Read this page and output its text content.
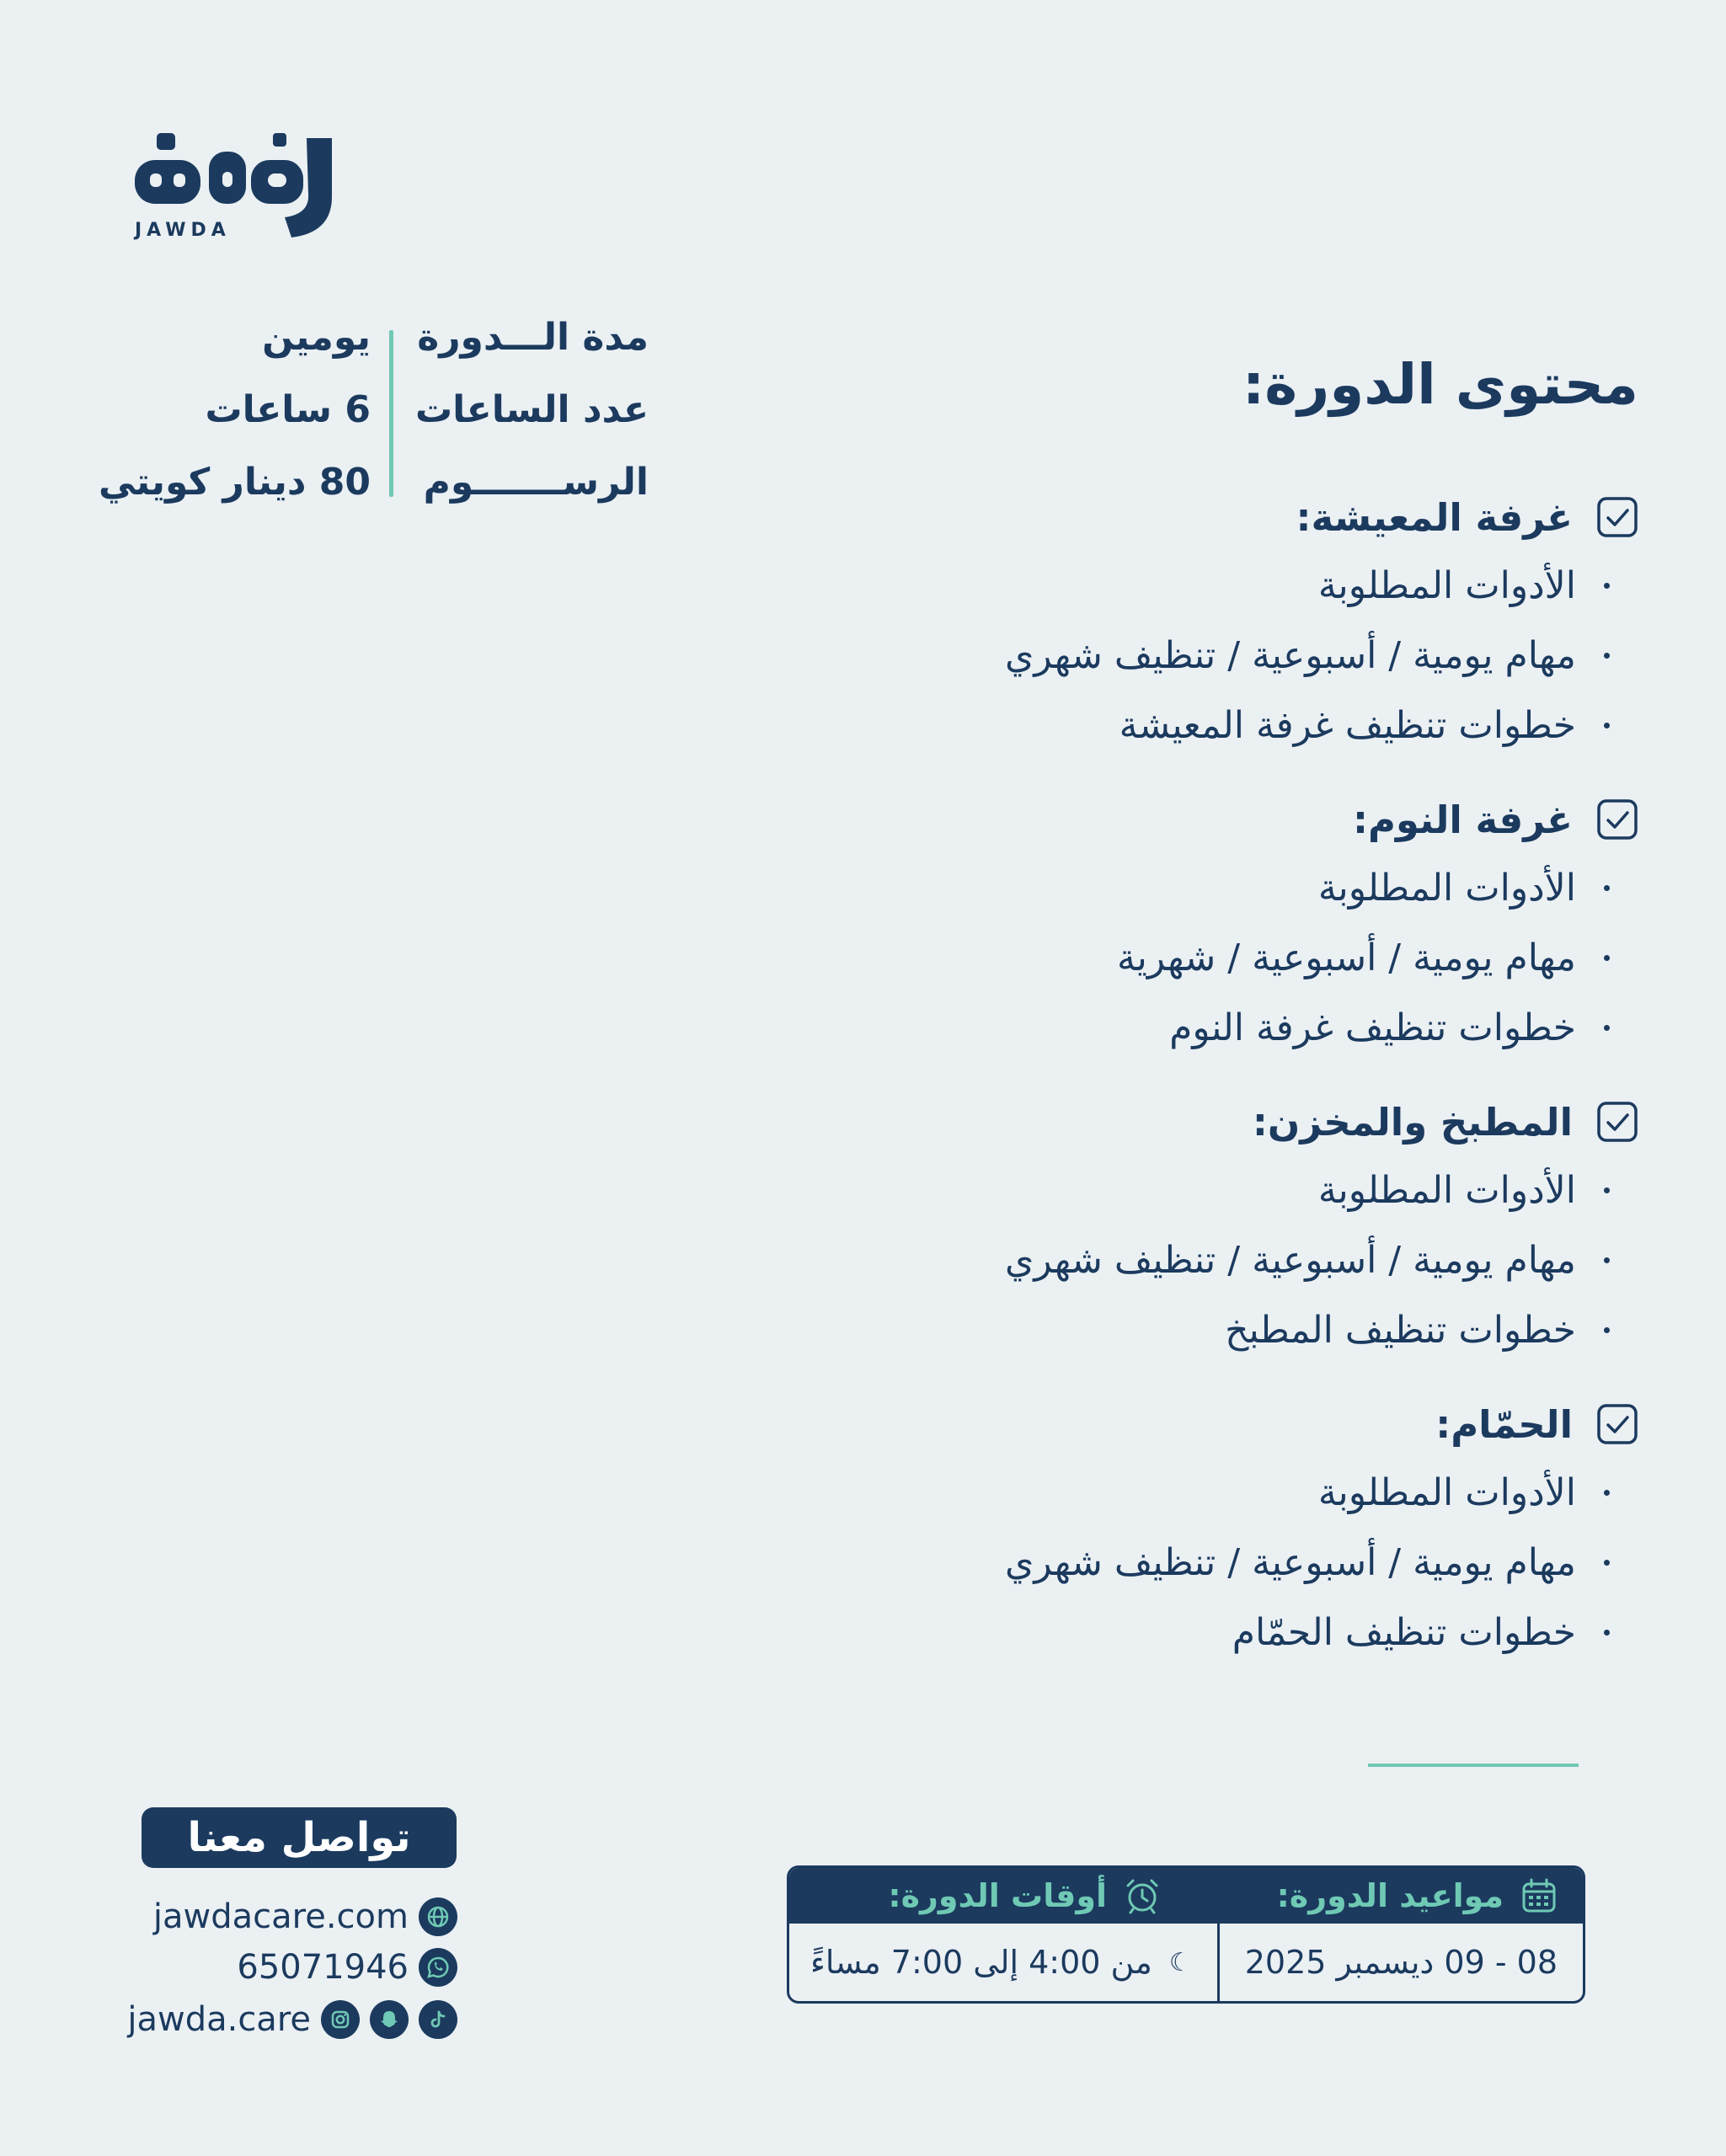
JAWDA
مدة الـــدورة
عدد الساعات
الرســـــــوم
يومين
6 ساعات
80 دينار كويتي
محتوى الدورة:
غرفة المعيشة:
الأدوات المطلوبة
مهام يومية / أسبوعية / تنظيف شهري
خطوات تنظيف غرفة المعيشة
غرفة النوم:
الأدوات المطلوبة
مهام يومية / أسبوعية / شهرية
خطوات تنظيف غرفة النوم
المطبخ والمخزن:
الأدوات المطلوبة
مهام يومية / أسبوعية / تنظيف شهري
خطوات تنظيف المطبخ
الحمّام:
الأدوات المطلوبة
مهام يومية / أسبوعية / تنظيف شهري
خطوات تنظيف الحمّام
مواعيد الدورة:
أوقات الدورة:
08 - 09 ديسمبر 2025
☾
من 4:00 إلى 7:00 مساءً
تواصل معنا
jawdacare.com
65071946
jawda.care
